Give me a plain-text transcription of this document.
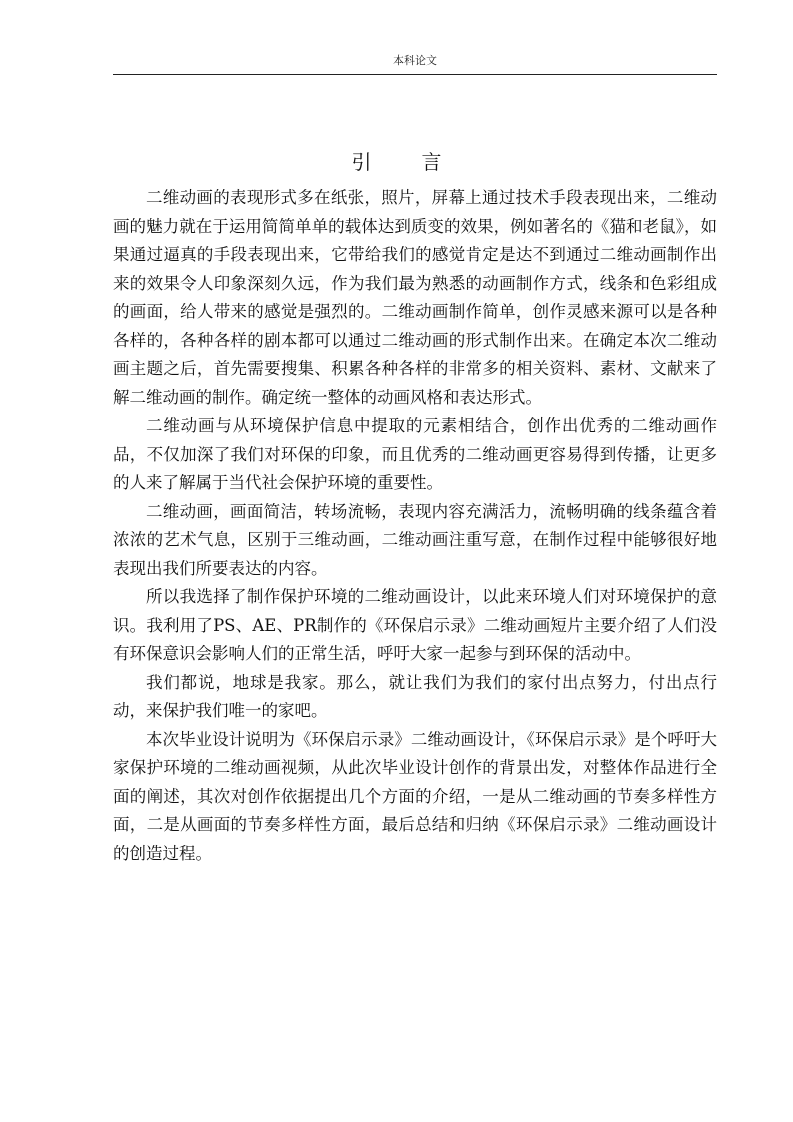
本科论文
引	言

二维动画的表现形式多在纸张，照片，屏幕上通过技术手段表现出来，二维动画的魅力就在于运用简简单单的载体达到质变的效果，例如著名的《猫和老鼠》，如果通过逼真的手段表现出来，它带给我们的感觉肯定是达不到通过二维动画制作出来的效果令人印象深刻久远，作为我们最为熟悉的动画制作方式，线条和色彩组成的画面，给人带来的感觉是强烈的。二维动画制作简单，创作灵感来源可以是各种各样的，各种各样的剧本都可以通过二维动画的形式制作出来。在确定本次二维动画主题之后，首先需要搜集、积累各种各样的非常多的相关资料、素材、文献来了解二维动画的制作。确定统一整体的动画风格和表达形式。

二维动画与从环境保护信息中提取的元素相结合，创作出优秀的二维动画作品，不仅加深了我们对环保的印象，而且优秀的二维动画更容易得到传播，让更多的人来了解属于当代社会保护环境的重要性。

二维动画，画面简洁，转场流畅，表现内容充满活力，流畅明确的线条蕴含着浓浓的艺术气息，区别于三维动画，二维动画注重写意，在制作过程中能够很好地表现出我们所要表达的内容。

所以我选择了制作保护环境的二维动画设计，以此来环境人们对环境保护的意识。我利用了PS、AE、PR制作的《环保启示录》二维动画短片主要介绍了人们没有环保意识会影响人们的正常生活，呼吁大家一起参与到环保的活动中。

我们都说，地球是我家。那么，就让我们为我们的家付出点努力，付出点行动，来保护我们唯一的家吧。

本次毕业设计说明为《环保启示录》二维动画设计，《环保启示录》是个呼吁大家保护环境的二维动画视频，从此次毕业设计创作的背景出发，对整体作品进行全面的阐述，其次对创作依据提出几个方面的介绍，一是从二维动画的节奏多样性方面，二是从画面的节奏多样性方面，最后总结和归纳《环保启示录》二维动画设计的创造过程。
